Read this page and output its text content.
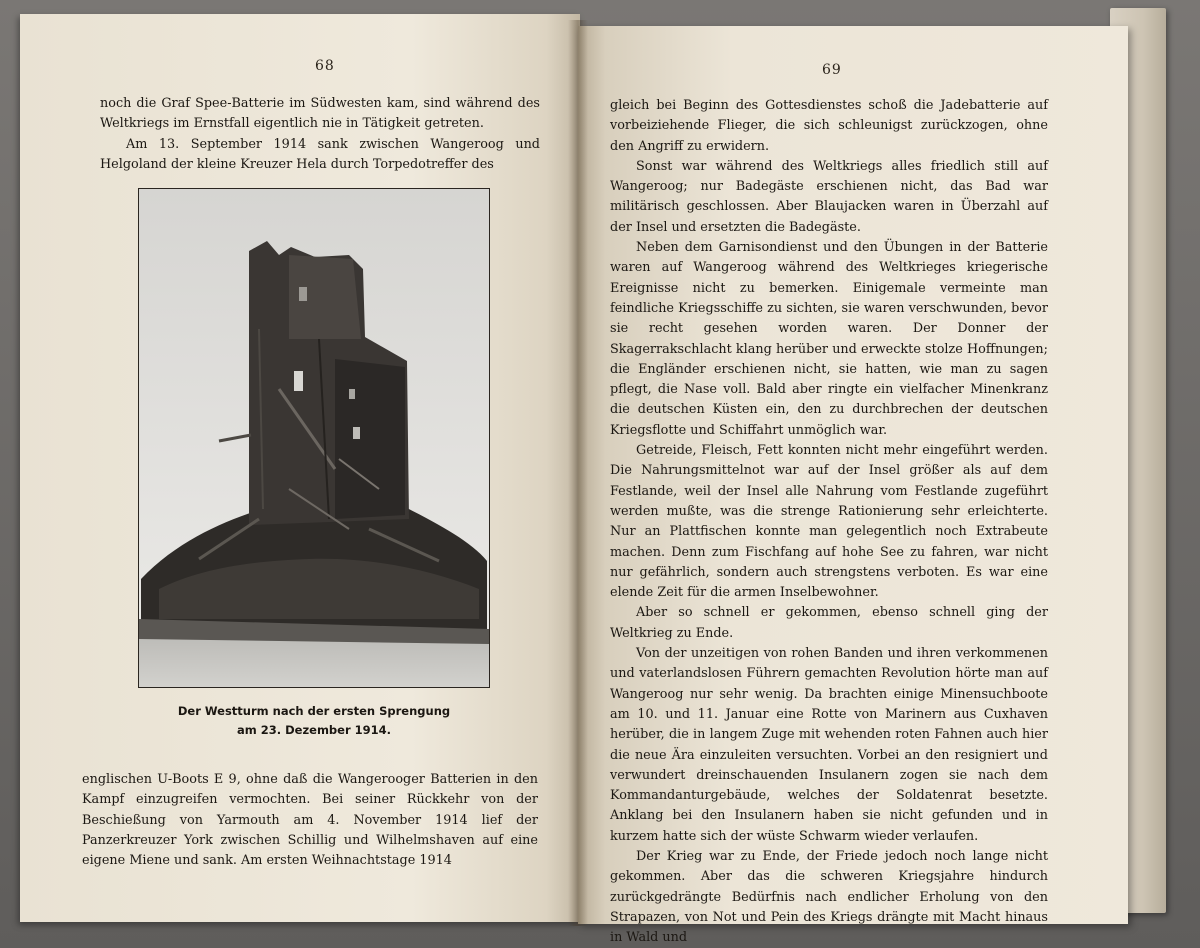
68

noch die Graf Spee-Batterie im Südwesten kam, sind während des Weltkriegs im Ernstfall eigentlich nie in Tätigkeit getreten.

Am 13. September 1914 sank zwischen Wangeroog und Helgoland der kleine Kreuzer Hela durch Torpedotreffer des

englischen U-Boots E 9, ohne daß die Wangerooger Batterien in den Kampf einzugreifen vermochten. Bei seiner Rückkehr von der Beschießung von Yarmouth am 4. November 1914 lief der Panzerkreuzer York zwischen Schillig und Wilhelmshaven auf eine eigene Miene und sank. Am ersten Weihnachtstage 1914

Der Westturm nach der ersten Sprengung
am 23. Dezember 1914.
69

gleich bei Beginn des Gottesdienstes schoß die Jadebatterie auf vorbeiziehende Flieger, die sich schleunigst zurückzogen, ohne den Angriff zu erwidern.

Sonst war während des Weltkriegs alles friedlich still auf Wangeroog; nur Badegäste erschienen nicht, das Bad war militärisch geschlossen. Aber Blaujacken waren in Überzahl auf der Insel und ersetzten die Badegäste.

Neben dem Garnisondienst und den Übungen in der Batterie waren auf Wangeroog während des Weltkrieges kriegerische Ereignisse nicht zu bemerken. Einigemale vermeinte man feindliche Kriegsschiffe zu sichten, sie waren verschwunden, bevor sie recht gesehen worden waren. Der Donner der Skagerrakschlacht klang herüber und erweckte stolze Hoffnungen; die Engländer erschienen nicht, sie hatten, wie man zu sagen pflegt, die Nase voll. Bald aber ringte ein vielfacher Minenkranz die deutschen Küsten ein, den zu durchbrechen der deutschen Kriegsflotte und Schiffahrt unmöglich war.

Getreide, Fleisch, Fett konnten nicht mehr eingeführt werden. Die Nahrungsmittelnot war auf der Insel größer als auf dem Festlande, weil der Insel alle Nahrung vom Festlande zugeführt werden mußte, was die strenge Rationierung sehr erleichterte. Nur an Plattfischen konnte man gelegentlich noch Extrabeute machen. Denn zum Fischfang auf hohe See zu fahren, war nicht nur gefährlich, sondern auch strengstens verboten. Es war eine elende Zeit für die armen Inselbewohner.

Aber so schnell er gekommen, ebenso schnell ging der Weltkrieg zu Ende.

Von der unzeitigen von rohen Banden und ihren verkommenen und vaterlandslosen Führern gemachten Revolution hörte man auf Wangeroog nur sehr wenig. Da brachten einige Minensuchboote am 10. und 11. Januar eine Rotte von Marinern aus Cuxhaven herüber, die in langem Zuge mit wehenden roten Fahnen auch hier die neue Ära einzuleiten versuchten. Vorbei an den resigniert und verwundert dreinschauenden Insulanern zogen sie nach dem Kommandanturgebäude, welches der Soldatenrat besetzte. Anklang bei den Insulanern haben sie nicht gefunden und in kurzem hatte sich der wüste Schwarm wieder verlaufen.

Der Krieg war zu Ende, der Friede jedoch noch lange nicht gekommen. Aber das die schweren Kriegsjahre hindurch zurückgedrängte Bedürfnis nach endlicher Erholung von den Strapazen, von Not und Pein des Kriegs drängte mit Macht hinaus in Wald und
